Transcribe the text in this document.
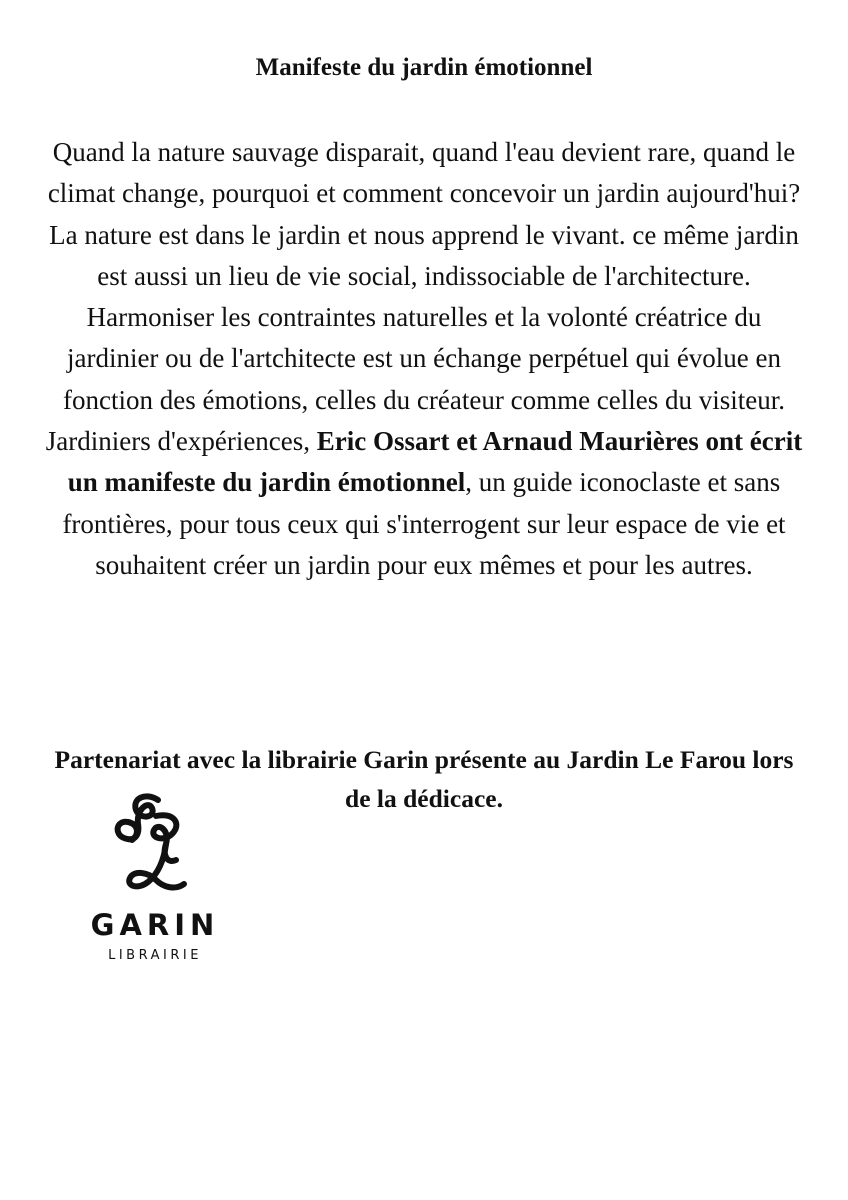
Manifeste du jardin émotionnel

Quand la nature sauvage disparait, quand l'eau devient rare, quand le climat change, pourquoi et comment concevoir un jardin aujourd'hui?

La nature est dans le jardin et nous apprend le vivant. ce même jardin est aussi un lieu de vie social, indissociable de l'architecture. Harmoniser les contraintes naturelles et la volonté créatrice du jardinier ou de l'artchitecte est un échange perpétuel qui évolue en fonction des émotions, celles du créateur comme celles du visiteur. Jardiniers d'expériences, Eric Ossart et Arnaud Maurières ont écrit un manifeste du jardin émotionnel, un guide iconoclaste et sans frontières, pour tous ceux qui s'interrogent sur leur espace de vie et souhaitent créer un jardin pour eux mêmes et pour les autres.

Partenariat avec la librairie Garin présente au Jardin Le Farou lors de la dédicace.

GARIN
LIBRAIRIE
